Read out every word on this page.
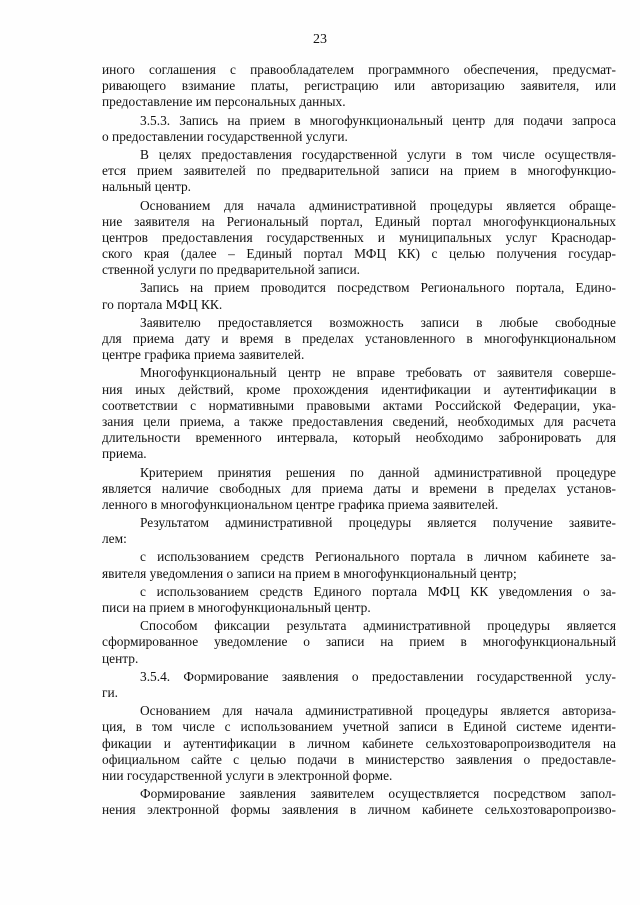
23
иного соглашения с правообладателем программного обеспечения, предусмат-
ривающего взимание платы, регистрацию или авторизацию заявителя, или
предоставление им персональных данных.
3.5.3. Запись на прием в многофункциональный центр для подачи запроса
о предоставлении государственной услуги.
В целях предоставления государственной услуги в том числе осуществля-
ется прием заявителей по предварительной записи на прием в многофункцио-
нальный центр.
Основанием для начала административной процедуры является обраще-
ние заявителя на Региональный портал, Единый портал многофункциональных
центров предоставления государственных и муниципальных услуг Краснодар-
ского края (далее – Единый портал МФЦ КК) с целью получения государ-
ственной услуги по предварительной записи.
Запись на прием проводится посредством Регионального портала, Едино-
го портала МФЦ КК.
Заявителю предоставляется возможность записи в любые свободные
для приема дату и время в пределах установленного в многофункциональном
центре графика приема заявителей.
Многофункциональный центр не вправе требовать от заявителя соверше-
ния иных действий, кроме прохождения идентификации и аутентификации в
соответствии с нормативными правовыми актами Российской Федерации, ука-
зания цели приема, а также предоставления сведений, необходимых для расчета
длительности временного интервала, который необходимо забронировать для
приема.
Критерием принятия решения по данной административной процедуре
является наличие свободных для приема даты и времени в пределах установ-
ленного в многофункциональном центре графика приема заявителей.
Результатом административной процедуры является получение заявите-
лем:
с использованием средств Регионального портала в личном кабинете за-
явителя уведомления о записи на прием в многофункциональный центр;
с использованием средств Единого портала МФЦ КК уведомления о за-
писи на прием в многофункциональный центр.
Способом фиксации результата административной процедуры является
сформированное уведомление о записи на прием в многофункциональный
центр.
3.5.4. Формирование заявления о предоставлении государственной услу-
ги.
Основанием для начала административной процедуры является авториза-
ция, в том числе с использованием учетной записи в Единой системе иденти-
фикации и аутентификации в личном кабинете сельхозтоваропроизводителя на
официальном сайте с целью подачи в министерство заявления о предоставле-
нии государственной услуги в электронной форме.
Формирование заявления заявителем осуществляется посредством запол-
нения электронной формы заявления в личном кабинете сельхозтоваропроизво-
